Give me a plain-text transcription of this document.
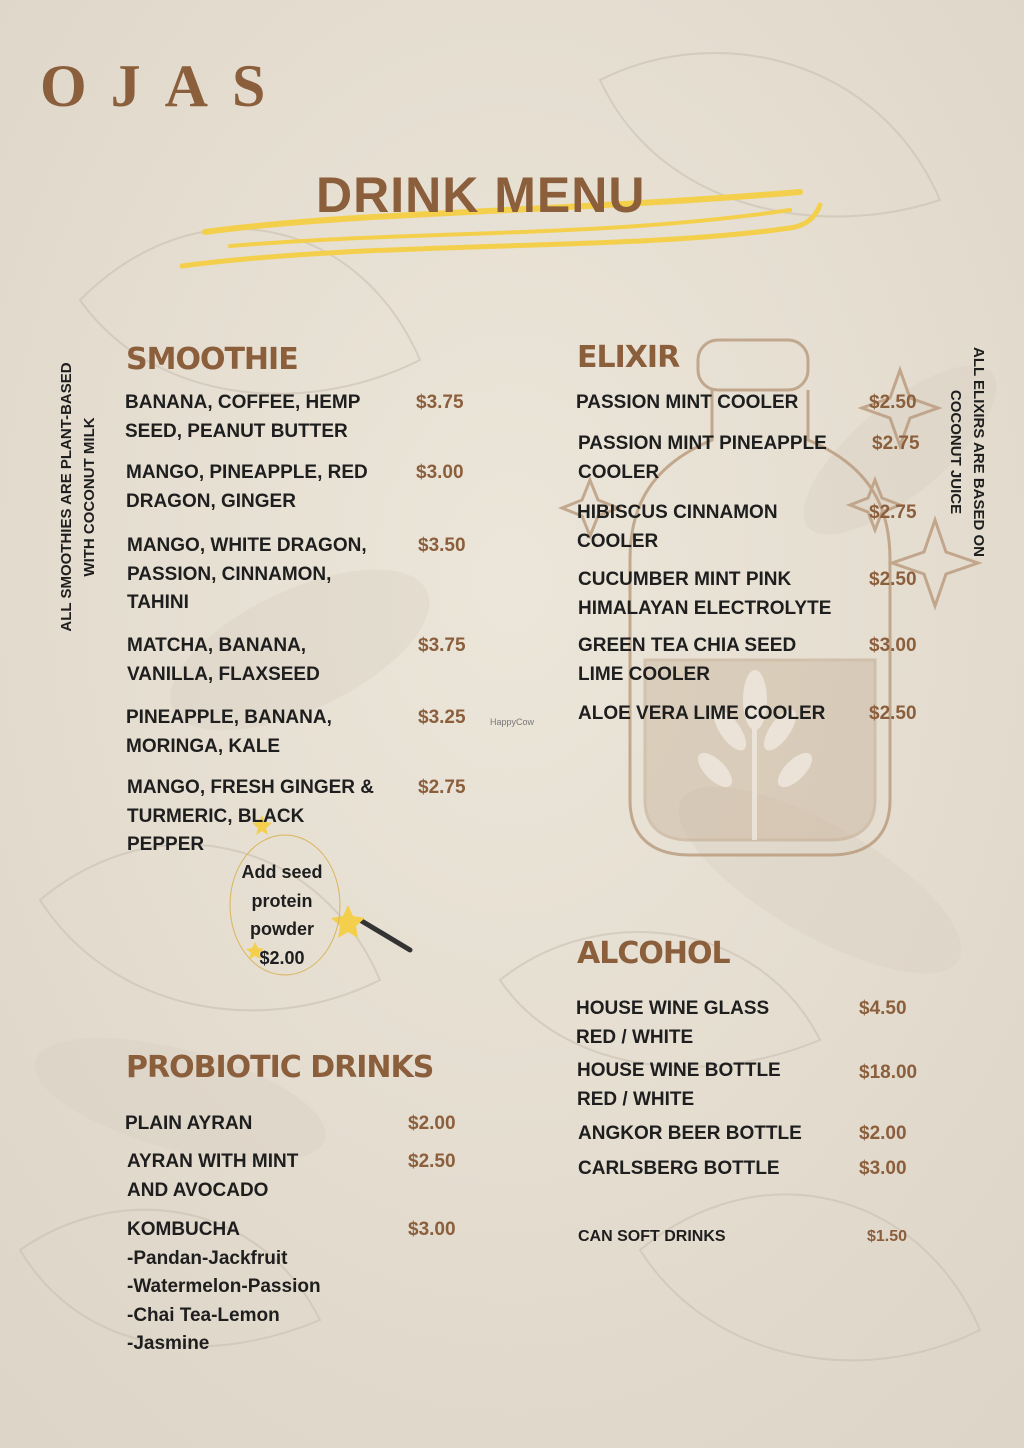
OJAS
DRINK MENU
ALL SMOOTHIES ARE PLANT-BASED WITH COCONUT MILK
SMOOTHIE
BANANA, COFFEE, HEMP
SEED, PEANUT BUTTER
$3.75
MANGO, PINEAPPLE, RED
DRAGON, GINGER
$3.00
MANGO, WHITE DRAGON,
PASSION, CINNAMON,
TAHINI
$3.50
MATCHA, BANANA,
VANILLA, FLAXSEED
$3.75
PINEAPPLE, BANANA,
MORINGA, KALE
$3.25
MANGO, FRESH GINGER &
TURMERIC, BLACK
PEPPER
$2.75
Add seed
protein
powder
$2.00
HappyCow
ELIXIR	ALL ELIXIRS ARE BASED ON
COCONUT JUICE
PASSION MINT COOLER	$2.50
PASSION MINT PINEAPPLE
COOLER
$2.75
HIBISCUS CINNAMON
COOLER
$2.75
CUCUMBER MINT PINK
HIMALAYAN ELECTROLYTE
$2.50
GREEN TEA CHIA SEED
LIME COOLER
$3.00
ALOE VERA LIME COOLER $2.50
PROBIOTIC DRINKS
PLAIN AYRAN	$2.00
AYRAN WITH MINT
AND AVOCADO
$2.50
KOMBUCHA
-Pandan-Jackfruit
-Watermelon-Passion
-Chai Tea-Lemon
-Jasmine
$3.00
ALCOHOL
HOUSE WINE GLASS
RED / WHITE
$4.50
HOUSE WINE BOTTLE
RED / WHITE
$18.00
ANGKOR BEER BOTTLE	$2.00
CARLSBERG BOTTLE	$3.00
CAN SOFT DRINKS	$1.50
